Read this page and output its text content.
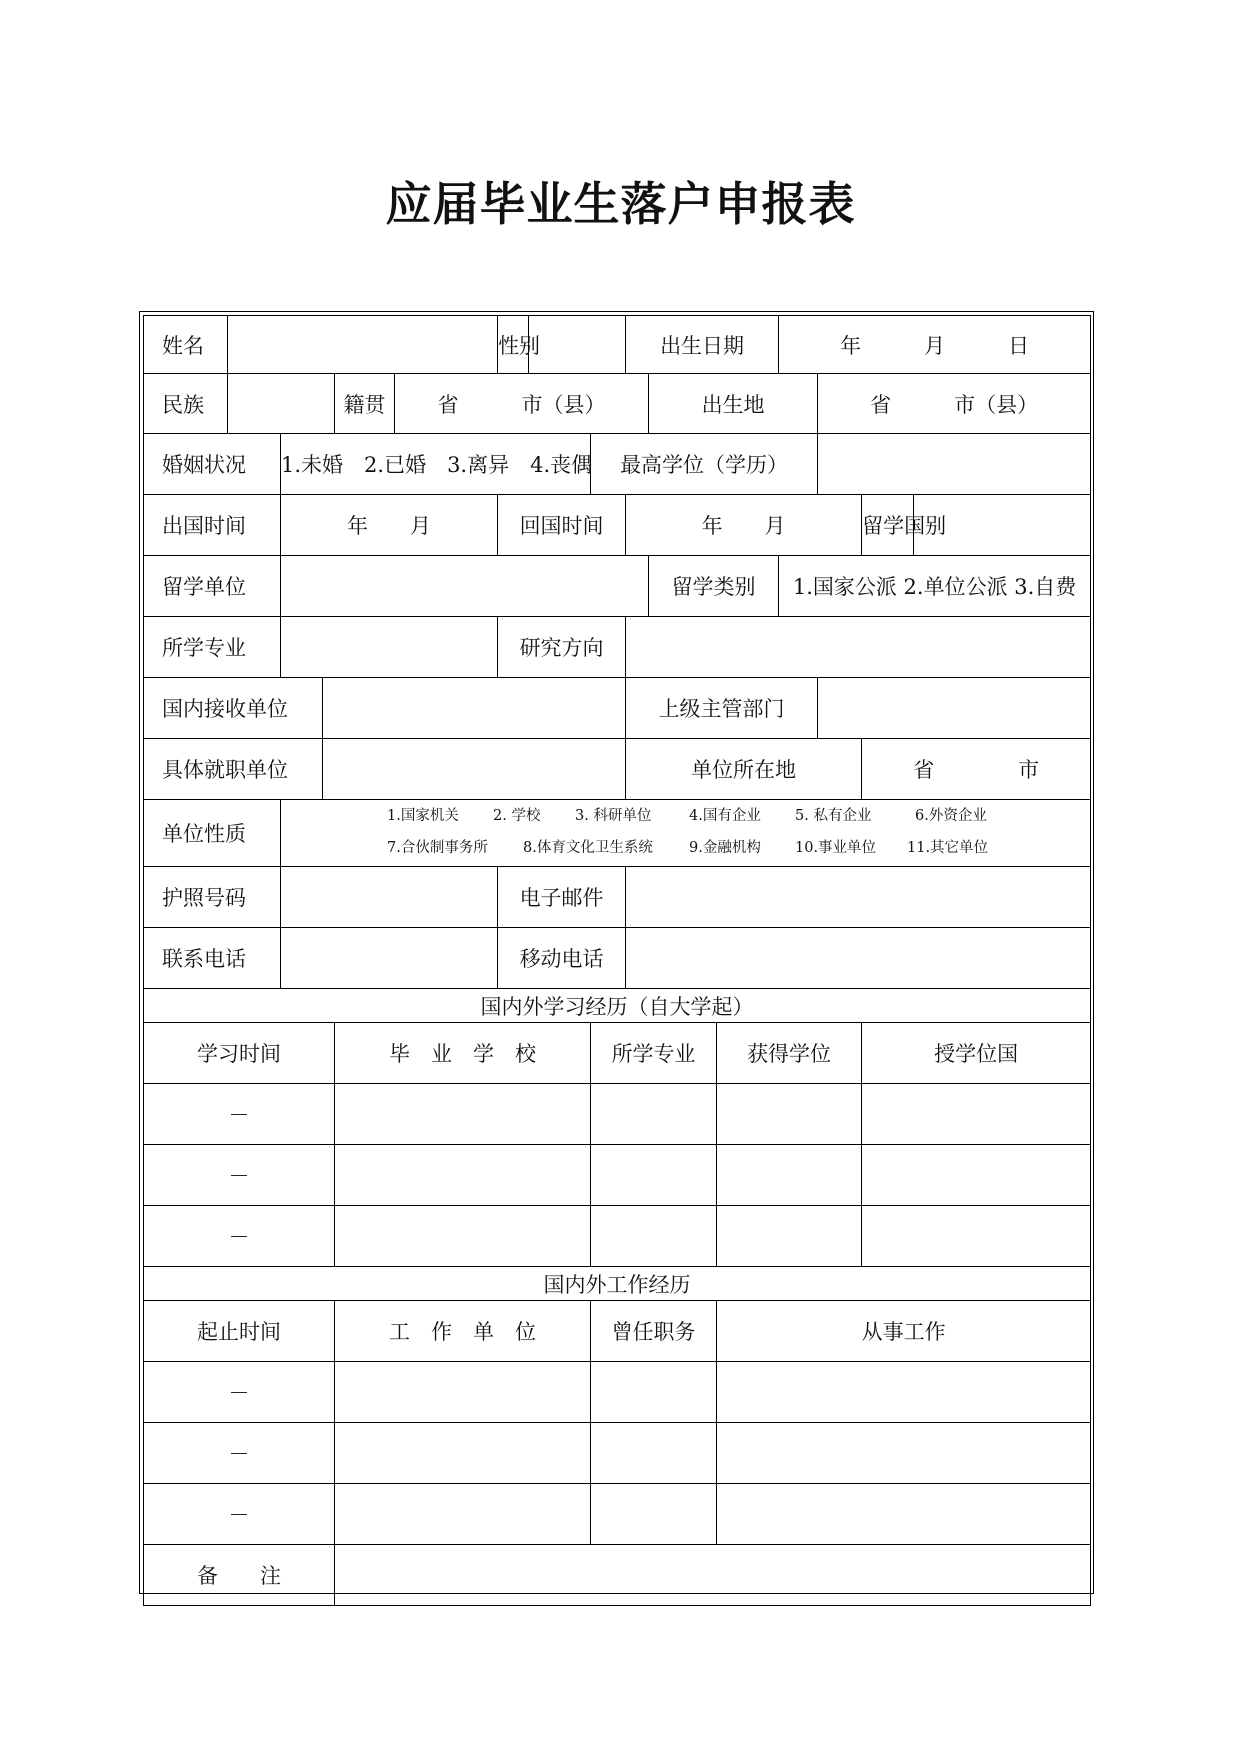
应届毕业生落户申报表
姓名						性别			出生日期			年　　　月　　　日			
民族				籍贯	省　　　市（县）					出生地			省　　　市（县）		
婚姻状况		1.未婚　2.已婚　3.离异　4.丧偶						最高学位（学历）							
出国时间		年　　月				回国时间			年　　月					留学国别	
留学单位										留学类别		1.国家公派 2.单位公派 3.自费			
所学专业						研究方向									
国内接收单位									上级主管部门						
具体就职单位									单位所在地					省　　　　市	
单位性质		1.国家机关 2. 学校 3. 科研单位 4.国有企业 5. 私有企业 6.外资企业
7.合伙制事务所 8.体育文化卫生系统 9.金融机构 10.事业单位 11.其它单位													

护照号码						电子邮件									
联系电话						移动电话									
国内外学习经历（自大学起）															
学习时间				毕　业　学　校				所学专业			获得学位			授学位国	
－															
－															
－															
国内外工作经历															
起止时间				工　作　单　位				曾任职务			从事工作				
－															
－															
－															
备　　注															
